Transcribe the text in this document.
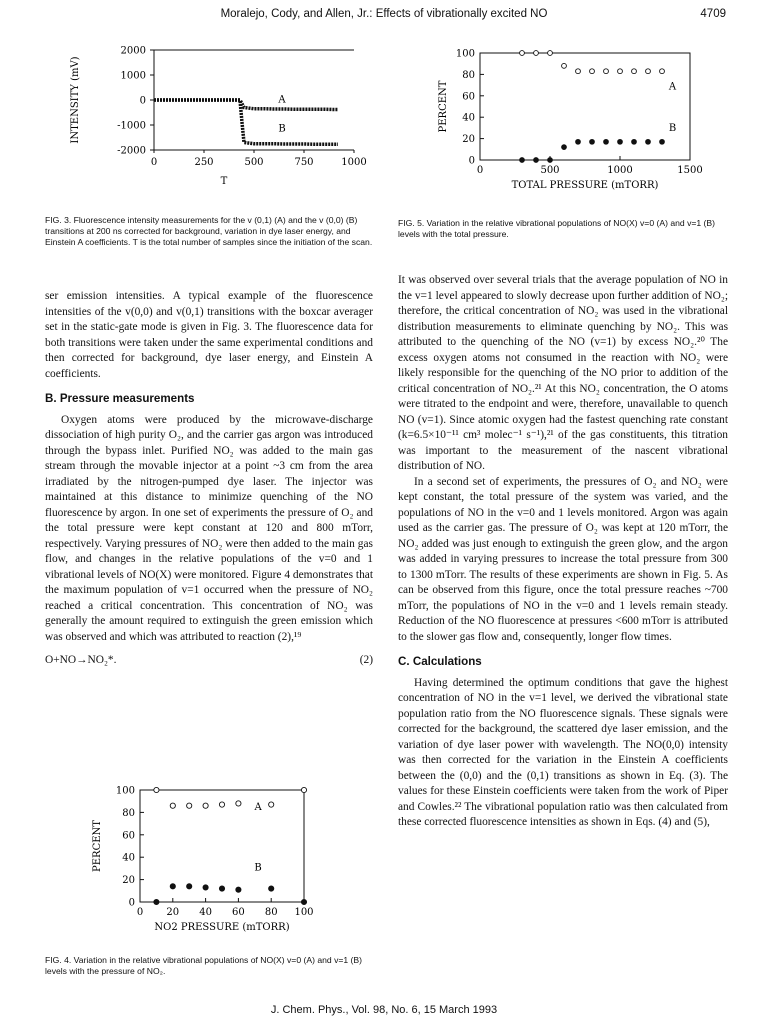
Moralejo, Cody, and Allen, Jr.: Effects of vibrationally excited NO	4709
0	250	500	750	1000
2000
1000
0
-1000
-2000
A
B
INTENSITY (mV)
T
FIG. 3. Fluorescence intensity measurements for the v (0,1) (A) and the v (0,0) (B) transitions at 200 ns corrected for background, variation in dye laser energy, and Einstein A coefficients. T is the total number of samples since the initiation of the scan.

ser emission intensities. A typical example of the fluorescence intensities of the v(0,0) and v(0,1) transitions with the boxcar averager set in the static-gate mode is given in Fig. 3. The fluorescence data for both transitions were taken under the same experimental conditions and then corrected for background, dye laser energy, and Einstein A coefficients.

B. Pressure measurements

Oxygen atoms were produced by the microwave-discharge dissociation of high purity O₂, and the carrier gas argon was introduced through the bypass inlet. Purified NO₂ was added to the main gas stream through the movable injector at a point ~3 cm from the area irradiated by the nitrogen-pumped dye laser. The injector was maintained at this distance to minimize quenching of the NO fluorescence by argon. In one set of experiments the pressure of O₂ and the total pressure were kept constant at 120 and 800 mTorr, respectively. Varying pressures of NO₂ were then added to the main gas flow, and changes in the relative populations of the v=0 and 1 vibrational levels of NO(X) were monitored. Figure 4 demonstrates that the maximum population of v=1 occurred when the pressure of NO₂ reached a critical concentration. This concentration of NO₂ was generally the amount required to extinguish the green emission which was observed and which was attributed to reaction (2),¹⁹

O+NO→NO₂*.	(2)
0 20 40 60 80 100
0
20
40
60
80
100
A
B
NO2 PRESSURE (mTORR)
PERCENT
FIG. 4. Variation in the relative vibrational populations of NO(X) v=0 (A) and v=1 (B) levels with the pressure of NO₂.
0	500	1000	1500
0
20
40
60
80
100
A
B
TOTAL PRESSURE (mTORR)
PERCENT
FIG. 5. Variation in the relative vibrational populations of NO(X) v=0 (A) and v=1 (B) levels with the total pressure.

It was observed over several trials that the average population of NO in the v=1 level appeared to slowly decrease upon further addition of NO₂; therefore, the critical concentration of NO₂ was used in the vibrational distribution measurements to eliminate quenching by NO₂. This was attributed to the quenching of the NO (v=1) by excess NO₂.²⁰ The excess oxygen atoms not consumed in the reaction with NO₂ were likely responsible for the quenching of the NO prior to addition of the critical concentration of NO₂.²¹ At this NO₂ concentration, the O atoms were titrated to the endpoint and were, therefore, unavailable to quench NO (v=1). Since atomic oxygen had the fastest quenching rate constant (k=6.5×10⁻¹¹ cm³ molec⁻¹ s⁻¹),²¹ of the gas constituents, this titration was important to the measurement of the nascent vibrational distribution of NO.

In a second set of experiments, the pressures of O₂ and NO₂ were kept constant, the total pressure of the system was varied, and the populations of NO in the v=0 and 1 levels monitored. Argon was again used as the carrier gas. The pressure of O₂ was kept at 120 mTorr, the NO₂ added was just enough to extinguish the green glow, and the argon was added in varying pressures to increase the total pressure from 300 to 1300 mTorr. The results of these experiments are shown in Fig. 5. As can be observed from this figure, once the total pressure reaches ~700 mTorr, the populations of NO in the v=0 and 1 levels remain steady. Reduction of the NO fluorescence at pressures <600 mTorr is attributed to the slower gas flow and, consequently, longer flow times.

C. Calculations

Having determined the optimum conditions that gave the highest concentration of NO in the v=1 level, we derived the vibrational state population ratio from the NO fluorescence signals. These signals were corrected for the background, the scattered dye laser emission, and the variation of dye laser power with wavelength. The NO(0,0) intensity was then corrected for the variation in the Einstein A coefficients between the (0,0) and the (0,1) transitions as shown in Eq. (3). The values for these Einstein coefficients were taken from the work of Piper and Cowles.²² The vibrational population ratio was then calculated from these corrected fluorescence intensities as shown in Eqs. (4) and (5),

J. Chem. Phys., Vol. 98, No. 6, 15 March 1993
